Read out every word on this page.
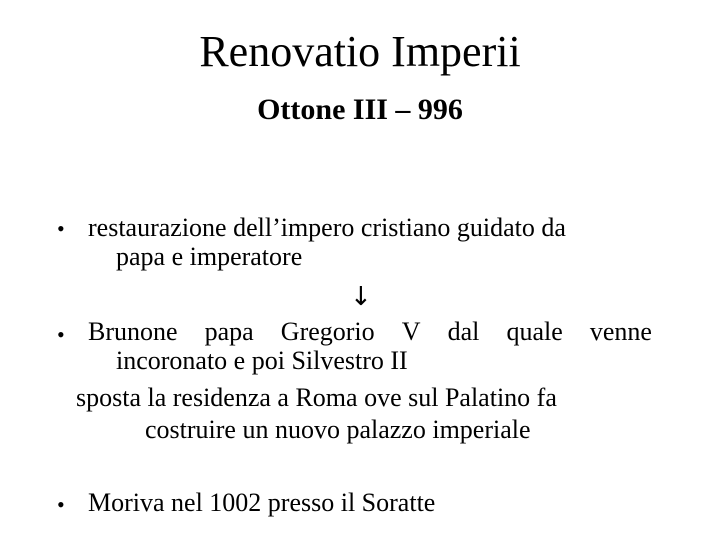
Renovatio Imperii
Ottone III – 996
• restaurazione dell’impero cristiano guidato da
papa e imperatore
↓
• Brunone papa Gregorio V dal quale venne
incoronato e poi Silvestro II
sposta la residenza a Roma ove sul Palatino fa
costruire un nuovo palazzo imperiale
• Moriva nel 1002 presso il Soratte
